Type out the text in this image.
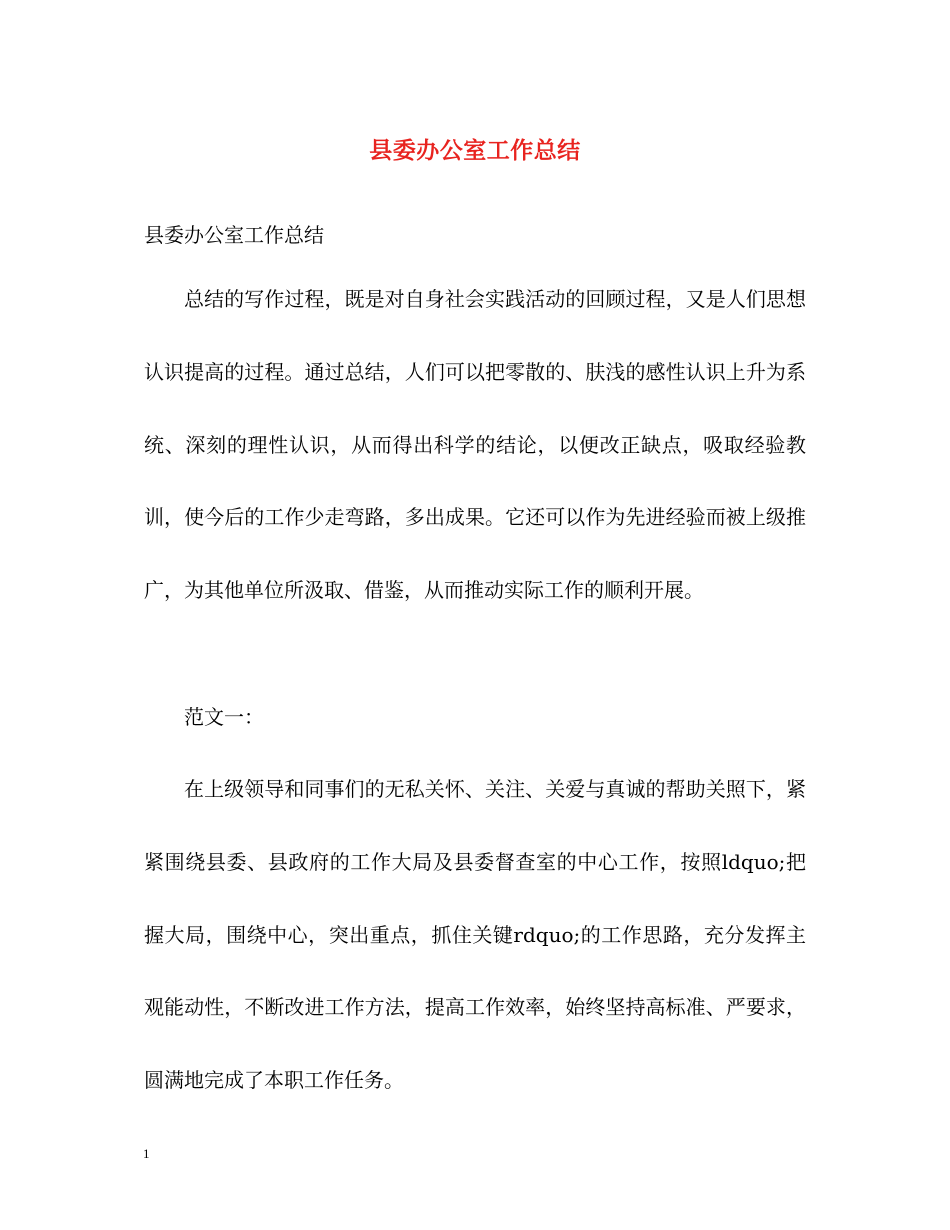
县委办公室工作总结
县委办公室工作总结
总结的写作过程，既是对自身社会实践活动的回顾过程，又是人们思想认识提高的过程。通过总结，人们可以把零散的、肤浅的感性认识上升为系统、深刻的理性认识，从而得出科学的结论，以便改正缺点，吸取经验教训，使今后的工作少走弯路，多出成果。它还可以作为先进经验而被上级推广，为其他单位所汲取、借鉴，从而推动实际工作的顺利开展。
范文一：
在上级领导和同事们的无私关怀、关注、关爱与真诚的帮助关照下，紧紧围绕县委、县政府的工作大局及县委督查室的中心工作，按照ldquo;把握大局，围绕中心，突出重点，抓住关键rdquo;的工作思路，充分发挥主观能动性，不断改进工作方法，提高工作效率，始终坚持高标准、严要求，圆满地完成了本职工作任务。
1
